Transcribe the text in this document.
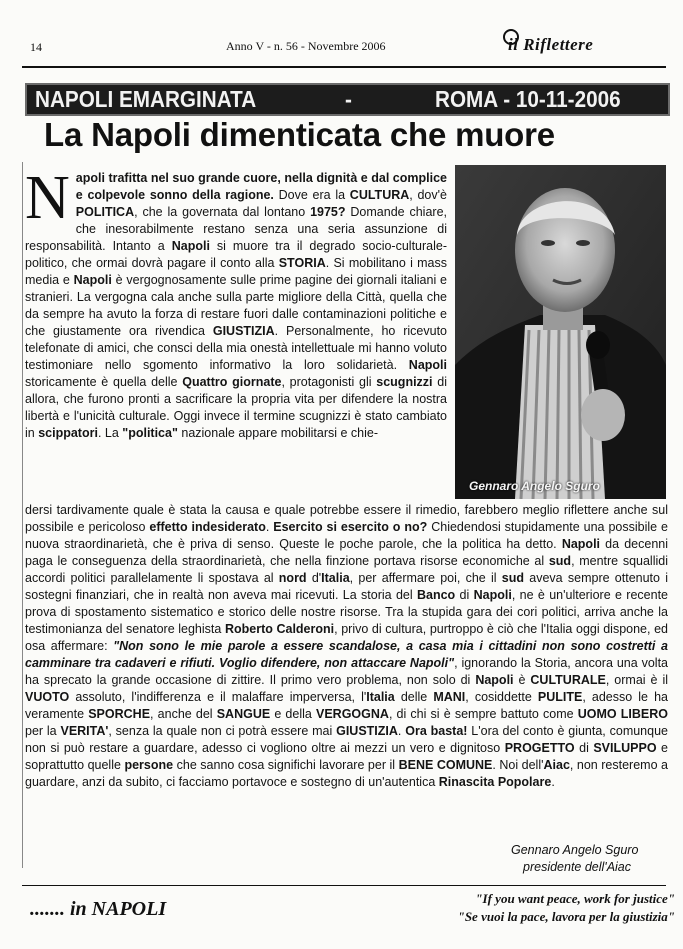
14	Anno V - n. 56 - Novembre 2006	il Riflettere
NAPOLI EMARGINATA	-	ROMA - 10-11-2006
La Napoli dimenticata che muore
Gennaro Angelo Sguro

Napoli trafitta nel suo grande cuore, nella dignità e dal complice e colpevole sonno della ragione. Dove era la CULTURA, dov'è POLITICA, che la governata dal lontano 1975? Domande chiare, che inesorabilmente restano senza una seria assunzione di responsabilità. Intanto a Napoli si muore tra il degrado socio-culturale-politico, che ormai dovrà pagare il conto alla STORIA. Si mobilitano i mass media e Napoli è vergognosamente sulle prime pagine dei giornali italiani e stranieri. La vergogna cala anche sulla parte migliore della Città, quella che da sempre ha avuto la forza di restare fuori dalle contaminazioni politiche e che giustamente ora rivendica GIUSTIZIA. Personalmente, ho ricevuto telefonate di amici, che consci della mia onestà intellettuale mi hanno voluto testimoniare nello sgomento informativo la loro solidarietà. Napoli storicamente è quella delle Quattro giornate, protagonisti gli scugnizzi di allora, che furono pronti a sacrificare la propria vita per difendere la nostra libertà e l'unicità culturale. Oggi invece il termine scugnizzi è stato cambiato in scippatori. La "politica" nazionale appare mobilitarsi e chie-

dersi tardivamente quale è stata la causa e quale potrebbe essere il rimedio, farebbero meglio riflettere anche sul possibile e pericoloso effetto indesiderato. Esercito si esercito o no? Chiedendosi stupidamente una possibile e nuova straordinarietà, che è priva di senso. Queste le poche parole, che la politica ha detto. Napoli da decenni paga le conseguenza della straordinarietà, che nella finzione portava risorse economiche al sud, mentre squallidi accordi politici parallelamente li spostava al nord d'Italia, per affermare poi, che il sud aveva sempre ottenuto i sostegni finanziari, che in realtà non aveva mai ricevuti. La storia del Banco di Napoli, ne è un'ulteriore e recente prova di spostamento sistematico e storico delle nostre risorse. Tra la stupida gara dei cori politici, arriva anche la testimonianza del senatore leghista Roberto Calderoni, privo di cultura, purtroppo è ciò che l'Italia oggi dispone, ed osa affermare: "Non sono le mie parole a essere scandalose, a casa mia i cittadini non sono costretti a camminare tra cadaveri e rifiuti. Voglio difendere, non attaccare Napoli", ignorando la Storia, ancora una volta ha sprecato la grande occasione di zittire. Il primo vero problema, non solo di Napoli è CULTURALE, ormai è il VUOTO assoluto, l'indifferenza e il malaffare imperversa, l'Italia delle MANI, cosiddette PULITE, adesso le ha veramente SPORCHE, anche del SANGUE e della VERGOGNA, di chi si è sempre battuto come UOMO LIBERO per la VERITA', senza la quale non ci potrà essere mai GIUSTIZIA. Ora basta! L'ora del conto è giunta, comunque non si può restare a guardare, adesso ci vogliono oltre ai mezzi un vero e dignitoso PROGETTO di SVILUPPO e soprattutto quelle persone che sanno cosa significhi lavorare per il BENE COMUNE. Noi dell'Aiac, non resteremo a guardare, anzi da subito, ci facciamo portavoce e sostegno di un'autentica Rinascita Popolare.

Gennaro Angelo Sguro
presidente dell'Aiac
....... in NAPOLI	"If you want peace, work for justice"
"Se vuoi la pace, lavora per la giustizia"
